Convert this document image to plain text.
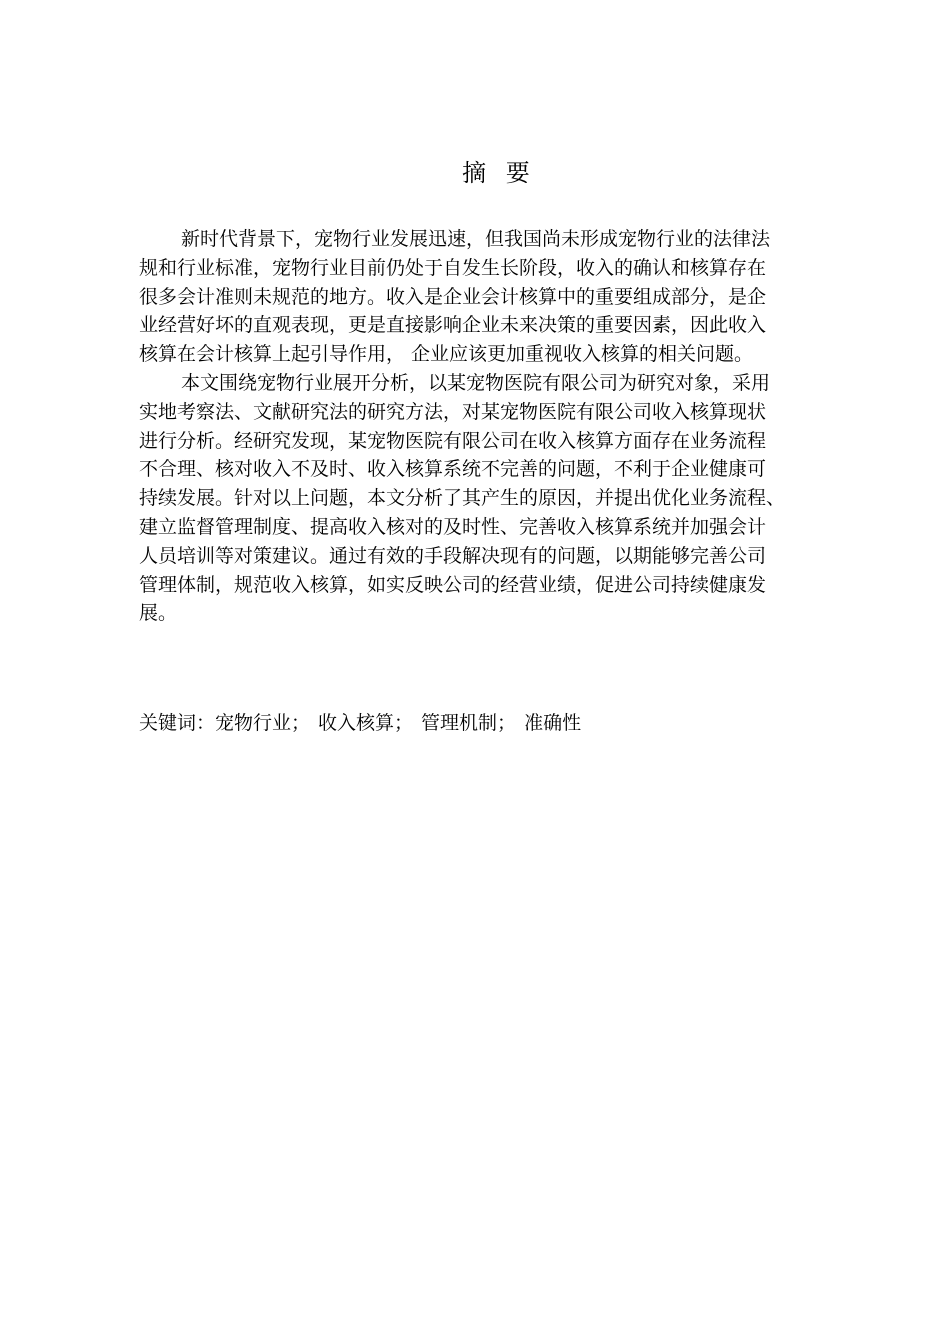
摘 要
新时代背景下，宠物行业发展迅速，但我国尚未形成宠物行业的法律法
规和行业标准，宠物行业目前仍处于自发生长阶段，收入的确认和核算存在
很多会计准则未规范的地方。收入是企业会计核算中的重要组成部分，是企
业经营好坏的直观表现，更是直接影响企业未来决策的重要因素，因此收入
核算在会计核算上起引导作用， 企业应该更加重视收入核算的相关问题。
本文围绕宠物行业展开分析，以某宠物医院有限公司为研究对象，采用
实地考察法、文献研究法的研究方法，对某宠物医院有限公司收入核算现状
进行分析。经研究发现，某宠物医院有限公司在收入核算方面存在业务流程
不合理、核对收入不及时、收入核算系统不完善的问题，不利于企业健康可
持续发展。针对以上问题，本文分析了其产生的原因，并提出优化业务流程、
建立监督管理制度、提高收入核对的及时性、完善收入核算系统并加强会计
人员培训等对策建议。通过有效的手段解决现有的问题，以期能够完善公司
管理体制，规范收入核算，如实反映公司的经营业绩，促进公司持续健康发
展。
关键词：宠物行业； 收入核算； 管理机制； 准确性
